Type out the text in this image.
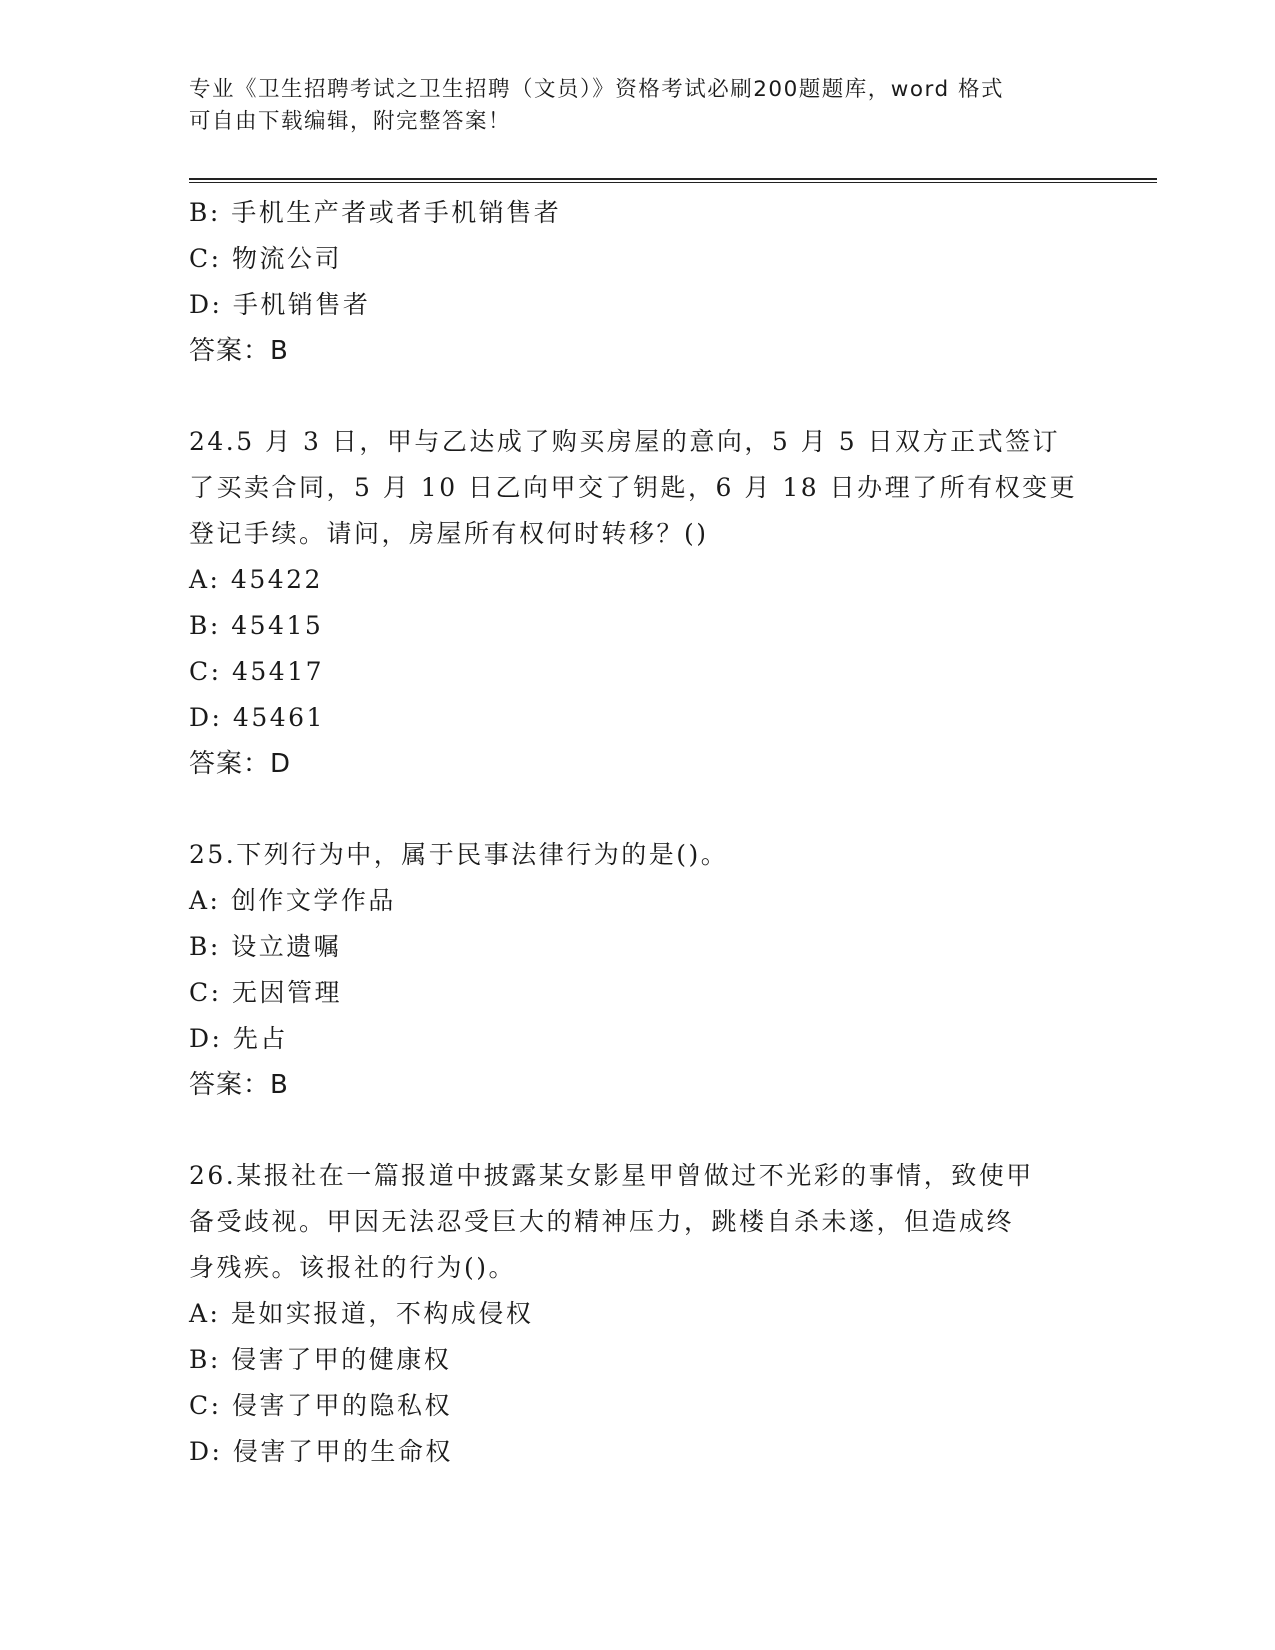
专业《卫生招聘考试之卫生招聘（文员）》资格考试必刷200题题库，word 格式
可自由下载编辑，附完整答案！
B: 手机生产者或者手机销售者
C: 物流公司
D: 手机销售者
答案：B
24.5 月 3 日，甲与乙达成了购买房屋的意向，5 月 5 日双方正式签订
了买卖合同，5 月 10 日乙向甲交了钥匙，6 月 18 日办理了所有权变更
登记手续。请问，房屋所有权何时转移？()
A: 45422
B: 45415
C: 45417
D: 45461
答案：D
25.下列行为中，属于民事法律行为的是()。
A: 创作文学作品
B: 设立遗嘱
C: 无因管理
D: 先占
答案：B
26.某报社在一篇报道中披露某女影星甲曾做过不光彩的事情，致使甲
备受歧视。甲因无法忍受巨大的精神压力，跳楼自杀未遂，但造成终
身残疾。该报社的行为()。
A: 是如实报道，不构成侵权
B: 侵害了甲的健康权
C: 侵害了甲的隐私权
D: 侵害了甲的生命权
